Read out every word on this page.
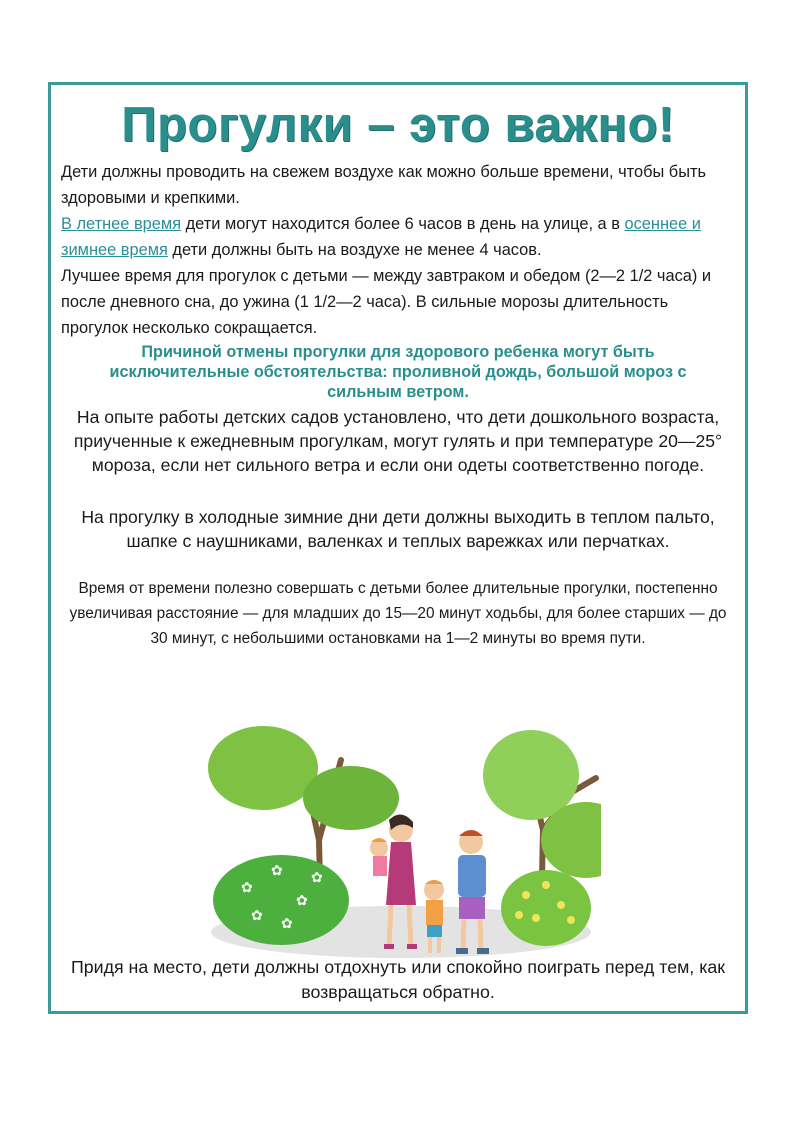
Прогулки – это важно!
Дети должны проводить на свежем воздухе как можно больше времени, чтобы быть здоровыми и крепкими.
В летнее время дети могут находится более 6 часов в день на улице, а в осеннее и зимнее время дети должны быть на воздухе не менее 4 часов.
Лучшее время для прогулок с детьми — между завтраком и обедом (2—2 1/2 часа) и после дневного сна, до ужина (1 1/2—2 часа). В сильные морозы длительность прогулок несколько сокращается.
Причиной отмены прогулки для здорового ребенка могут быть исключительные обстоятельства: проливной дождь, большой мороз с сильным ветром.
На опыте работы детских садов установлено, что дети дошкольного возраста, приученные к ежедневным прогулкам, могут гулять и при температуре 20—25° мороза, если нет сильного ветра и если они одеты соответственно погоде.
На прогулку в холодные зимние дни дети должны выходить в теплом пальто, шапке с наушниками, валенках и теплых варежках или перчатках.
Время от времени полезно совершать с детьми более длительные прогулки, постепенно увеличивая расстояние — для младших до 15—20 минут ходьбы, для более старших — до 30 минут, с небольшими остановками на 1—2 минуты во время пути.
✿
✿
✿
✿ ✿
✿
Придя на место, дети должны отдохнуть или спокойно поиграть перед тем, как возвращаться обратно.
